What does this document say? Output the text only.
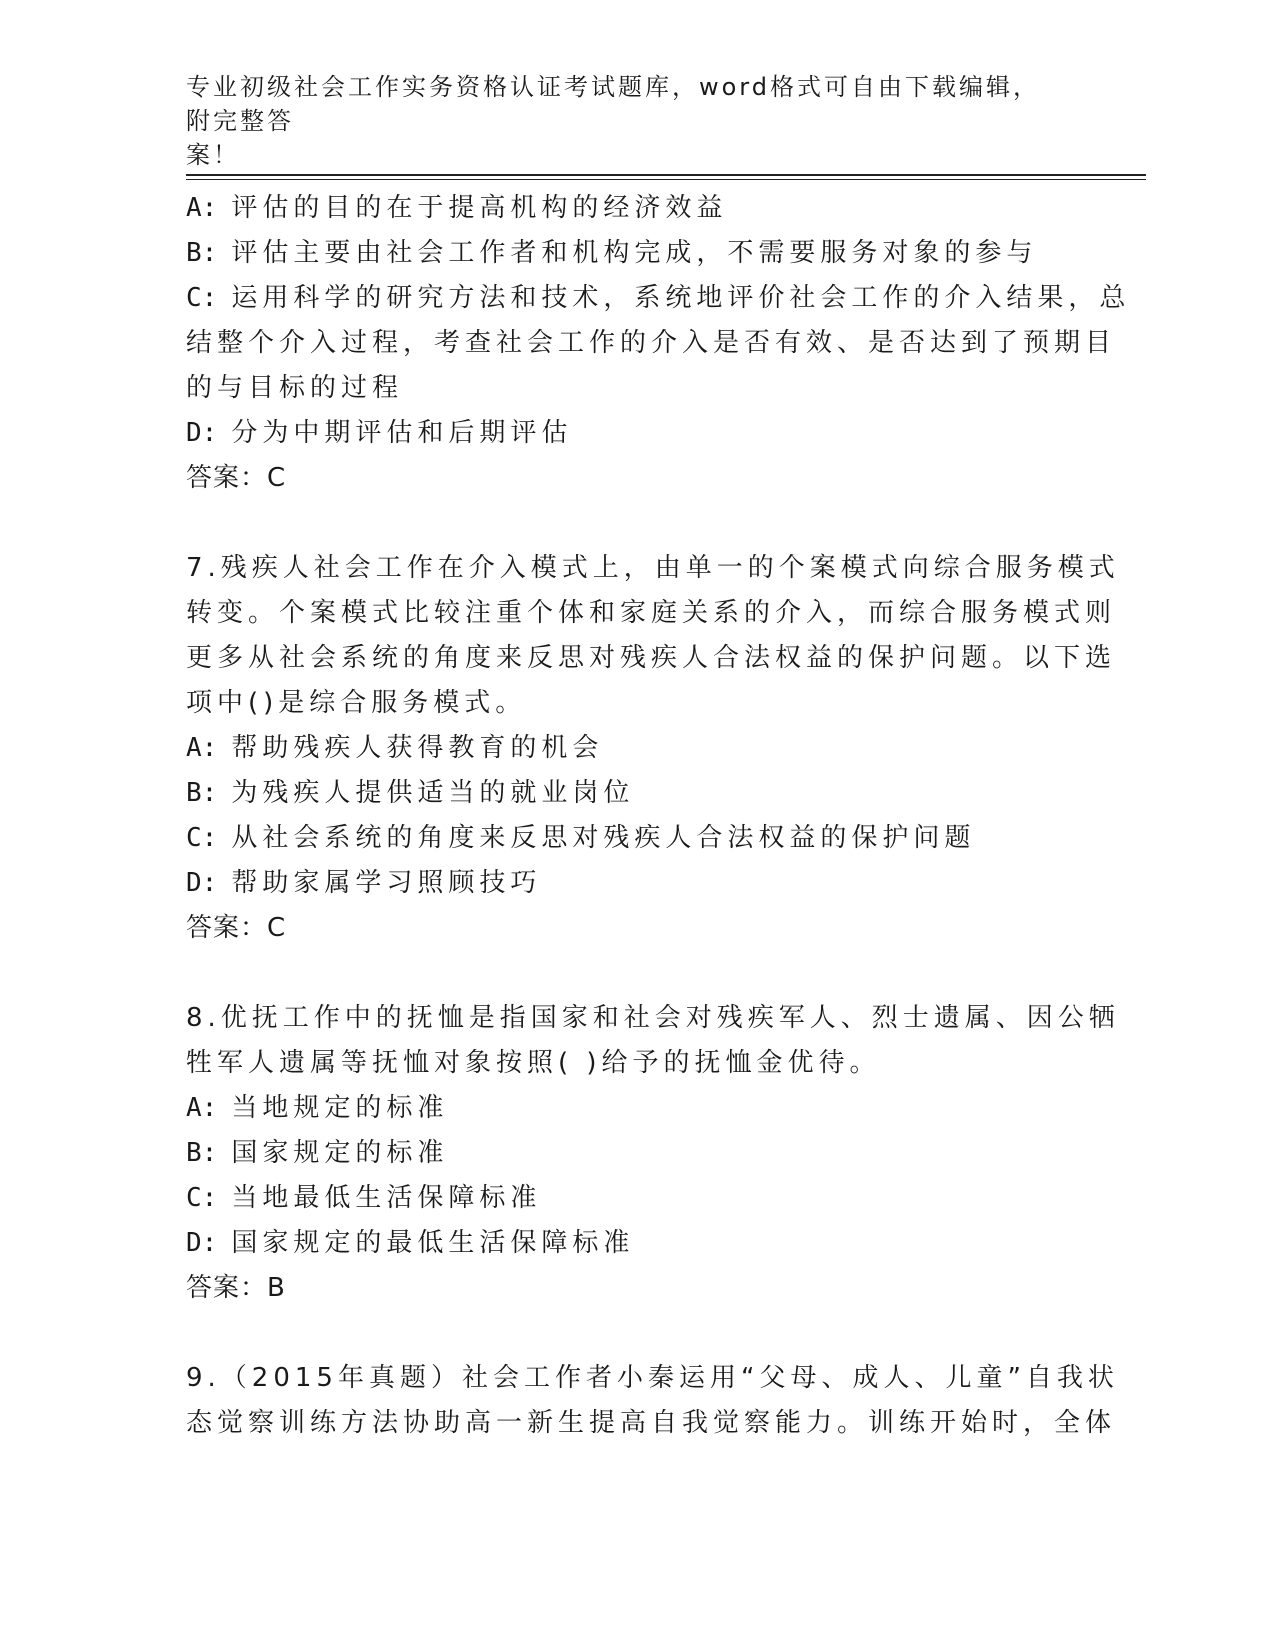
专业初级社会工作实务资格认证考试题库，word格式可自由下载编辑，附完整答
案！
A: 评估的目的在于提高机构的经济效益
B: 评估主要由社会工作者和机构完成，不需要服务对象的参与
C: 运用科学的研究方法和技术，系统地评价社会工作的介入结果，总
结整个介入过程，考查社会工作的介入是否有效、是否达到了预期目
的与目标的过程
D: 分为中期评估和后期评估
答案：C
7.残疾人社会工作在介入模式上，由单一的个案模式向综合服务模式
转变。个案模式比较注重个体和家庭关系的介入，而综合服务模式则
更多从社会系统的角度来反思对残疾人合法权益的保护问题。以下选
项中()是综合服务模式。
A: 帮助残疾人获得教育的机会
B: 为残疾人提供适当的就业岗位
C: 从社会系统的角度来反思对残疾人合法权益的保护问题
D: 帮助家属学习照顾技巧
答案：C
8.优抚工作中的抚恤是指国家和社会对残疾军人、烈士遗属、因公牺
牲军人遗属等抚恤对象按照( )给予的抚恤金优待。
A: 当地规定的标准
B: 国家规定的标准
C: 当地最低生活保障标准
D: 国家规定的最低生活保障标准
答案：B
9.（2015年真题）社会工作者小秦运用“父母、成人、儿童”自我状
态觉察训练方法协助高一新生提高自我觉察能力。训练开始时，全体
